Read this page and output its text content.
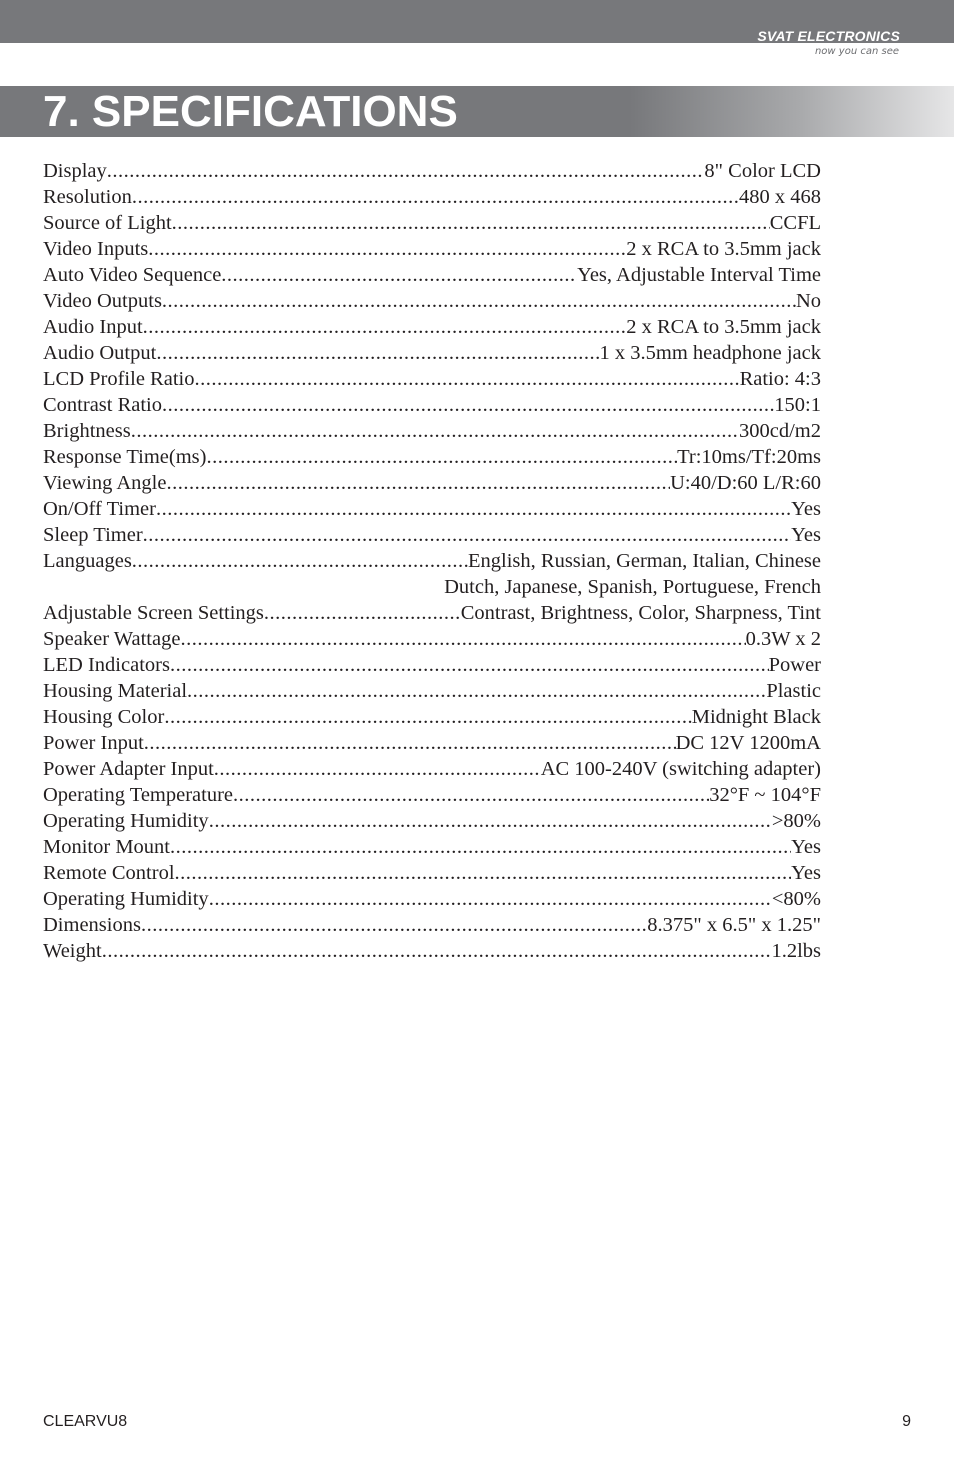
SVAT ELECTRONICS
now you can see
7. SPECIFICATIONS
Display .....	8" Color LCD
Resolution .....	480 x 468
Source of Light .....	CCFL
Video Inputs .....	2 x RCA to 3.5mm jack
Auto Video Sequence .....	Yes, Adjustable Interval Time
Video Outputs .....	No
Audio Input .....	2 x RCA to 3.5mm jack
Audio Output .....	1 x 3.5mm headphone jack
LCD Profile Ratio .....	Ratio: 4:3
Contrast Ratio .....	150:1
Brightness .....	300cd/m2
Response Time(ms) .....	Tr:10ms/Tf:20ms
Viewing Angle .....	U:40/D:60 L/R:60
On/Off Timer .....	Yes
Sleep Timer .....	Yes
Languages .....	English, Russian, German, Italian, Chinese
Dutch, Japanese, Spanish, Portuguese, French
Adjustable Screen Settings .....	Contrast, Brightness, Color, Sharpness, Tint
Speaker Wattage .....	0.3W x 2
LED Indicators .....	Power
Housing Material .....	Plastic
Housing Color .....	Midnight Black
Power Input .....	DC 12V 1200mA
Power Adapter Input .....	AC 100-240V (switching adapter)
Operating Temperature .....	32°F ~ 104°F
Operating Humidity .....	>80%
Monitor Mount .....	Yes
Remote Control .....	Yes
Operating Humidity .....	<80%
Dimensions .....	8.375" x 6.5" x 1.25"
Weight .....	1.2lbs
CLEARVU8	9
